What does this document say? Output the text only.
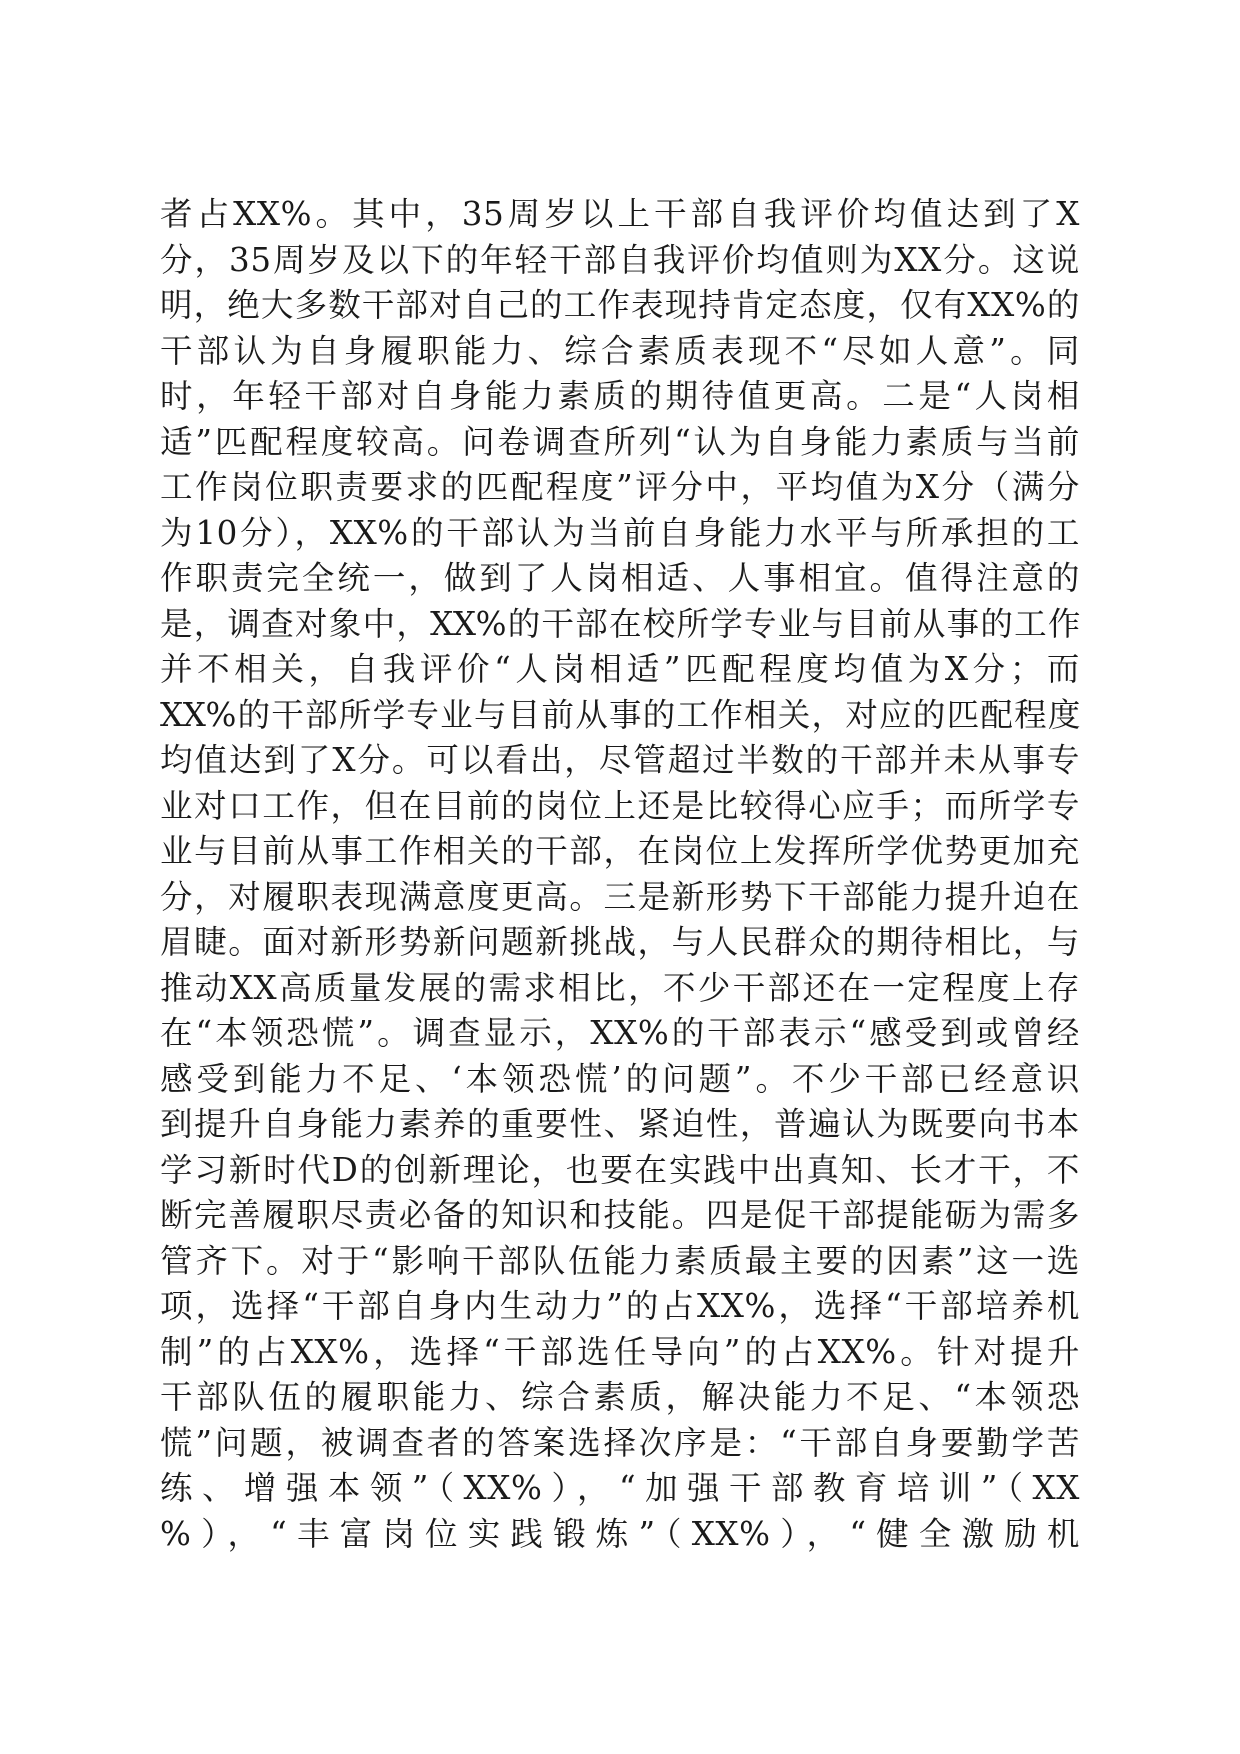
者占XX%。其中，35周岁以上干部自我评价均值达到了X
分，35周岁及以下的年轻干部自我评价均值则为XX分。这说
明，绝大多数干部对自己的工作表现持肯定态度，仅有XX%的
干部认为自身履职能力、综合素质表现不“尽如人意”。同
时，年轻干部对自身能力素质的期待值更高。二是“人岗相
适”匹配程度较高。问卷调查所列“认为自身能力素质与当前
工作岗位职责要求的匹配程度”评分中，平均值为X分（满分
为10分），XX%的干部认为当前自身能力水平与所承担的工
作职责完全统一，做到了人岗相适、人事相宜。值得注意的
是，调查对象中，XX%的干部在校所学专业与目前从事的工作
并不相关，自我评价“人岗相适”匹配程度均值为X分；而
XX%的干部所学专业与目前从事的工作相关，对应的匹配程度
均值达到了X分。可以看出，尽管超过半数的干部并未从事专
业对口工作，但在目前的岗位上还是比较得心应手；而所学专
业与目前从事工作相关的干部，在岗位上发挥所学优势更加充
分，对履职表现满意度更高。三是新形势下干部能力提升迫在
眉睫。面对新形势新问题新挑战，与人民群众的期待相比，与
推动XX高质量发展的需求相比，不少干部还在一定程度上存
在“本领恐慌”。调查显示，XX%的干部表示“感受到或曾经
感受到能力不足、‘本领恐慌’的问题”。不少干部已经意识
到提升自身能力素养的重要性、紧迫性，普遍认为既要向书本
学习新时代D的创新理论，也要在实践中出真知、长才干，不
断完善履职尽责必备的知识和技能。四是促干部提能砺为需多
管齐下。对于“影响干部队伍能力素质最主要的因素”这一选
项，选择“干部自身内生动力”的占XX%，选择“干部培养机
制”的占XX%，选择“干部选任导向”的占XX%。针对提升
干部队伍的履职能力、综合素质，解决能力不足、“本领恐
慌”问题，被调查者的答案选择次序是：“干部自身要勤学苦
练、增强本领”（XX%），“加强干部教育培训”（XX
%），“丰富岗位实践锻炼”（XX%），“健全激励机
